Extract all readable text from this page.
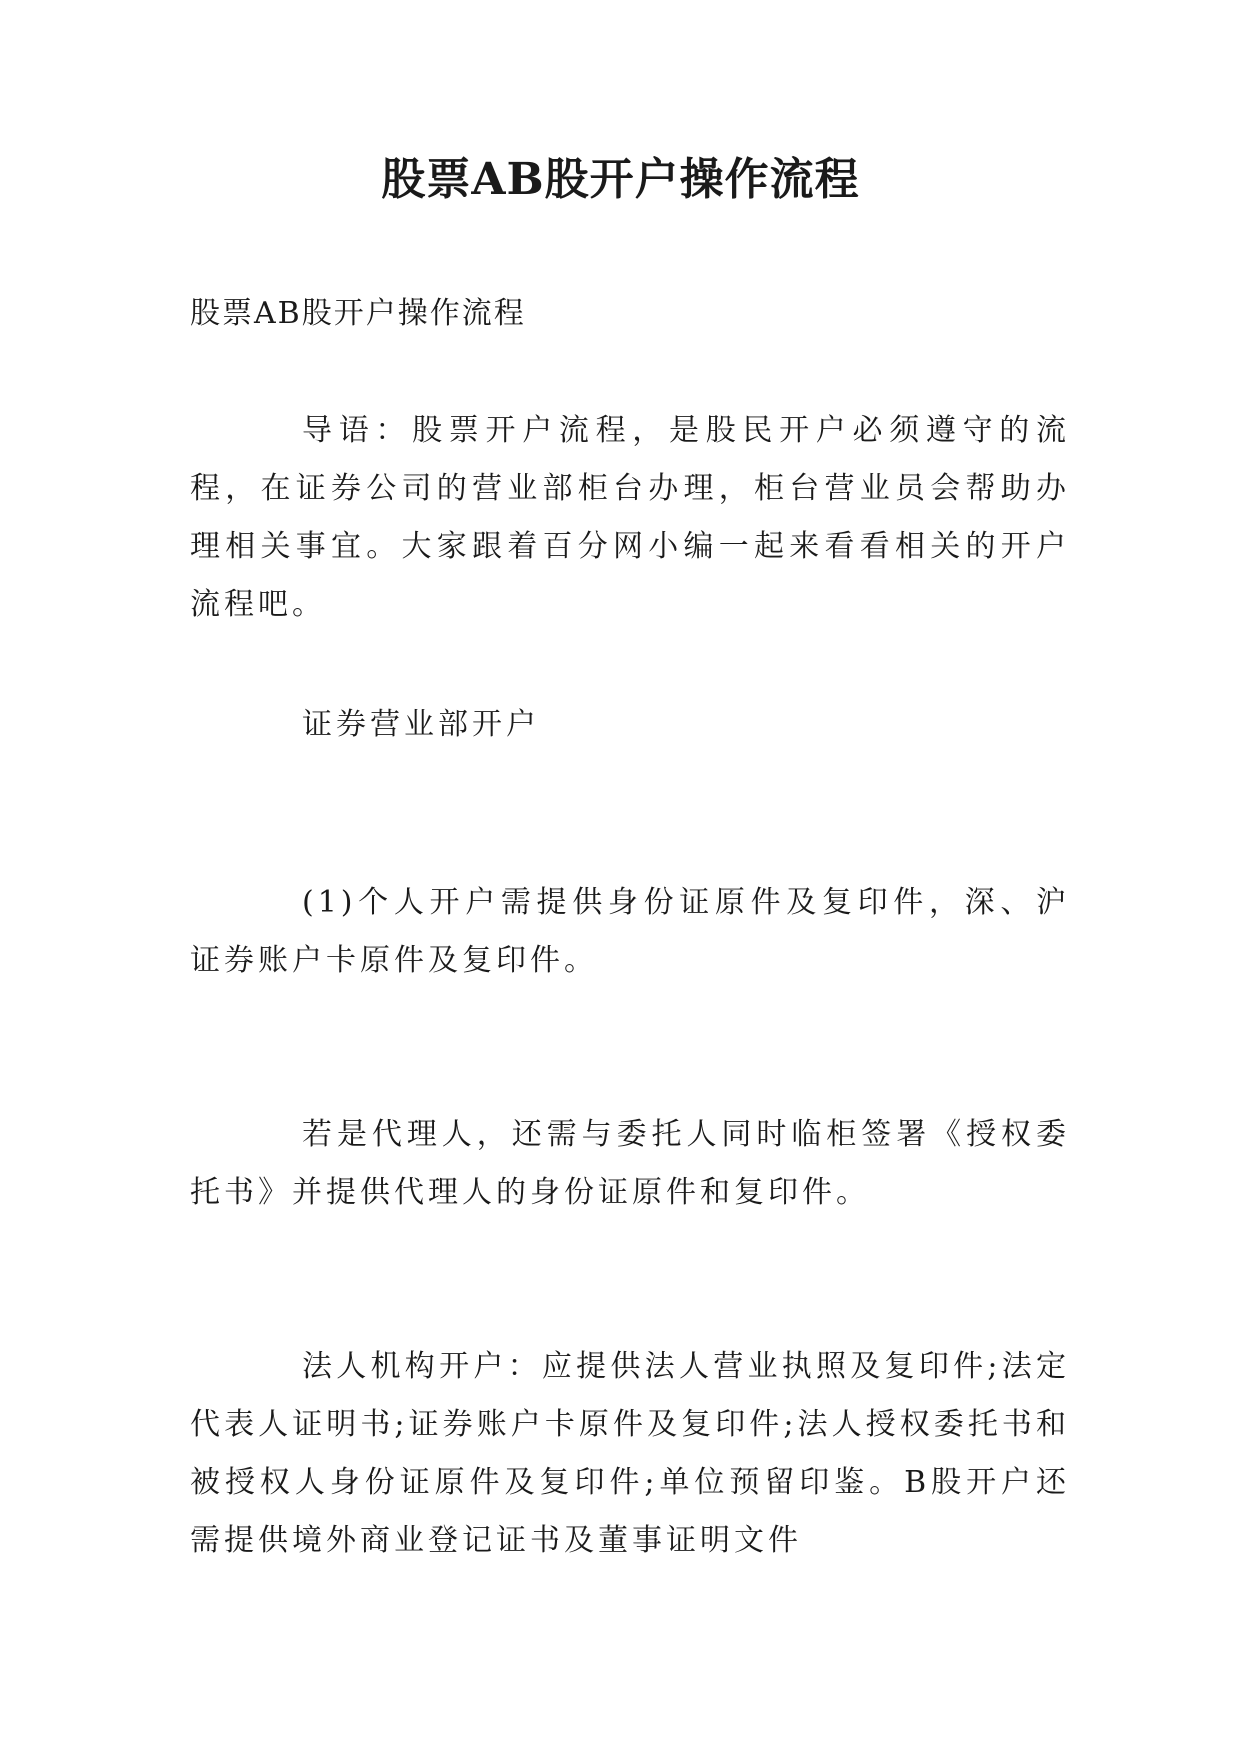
股票AB股开户操作流程
股票AB股开户操作流程

导语：股票开户流程，是股民开户必须遵守的流程，在证券公司的营业部柜台办理，柜台营业员会帮助办理相关事宜。大家跟着百分网小编一起来看看相关的开户流程吧。

证券营业部开户

(1)个人开户需提供身份证原件及复印件，深、沪证券账户卡原件及复印件。

若是代理人，还需与委托人同时临柜签署《授权委托书》并提供代理人的身份证原件和复印件。

法人机构开户：应提供法人营业执照及复印件;法定代表人证明书;证券账户卡原件及复印件;法人授权委托书和被授权人身份证原件及复印件;单位预留印鉴。B股开户还需提供境外商业登记证书及董事证明文件
